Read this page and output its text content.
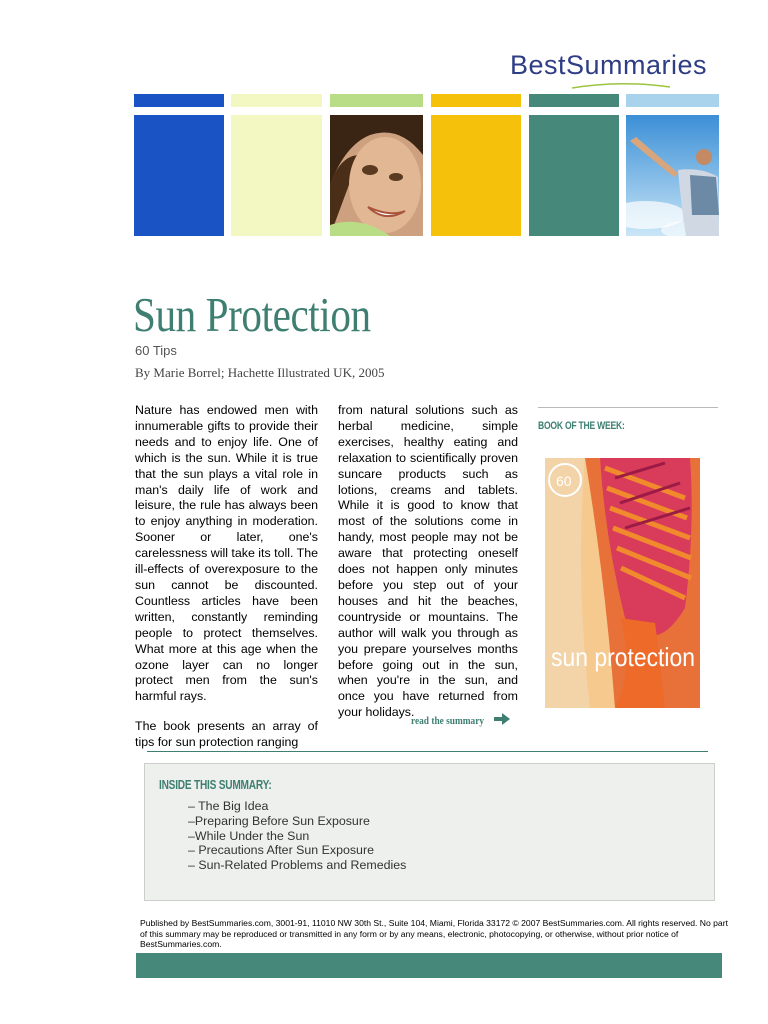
BestSummaries
Sun Protection
60 Tips
By Marie Borrel; Hachette Illustrated UK, 2005

Nature has endowed men with innumerable gifts to provide their needs and to enjoy life. One of which is the sun. While it is true that the sun plays a vital role in man's daily life of work and leisure, the rule has always been to enjoy anything in moderation. Sooner or later, one's carelessness will take its toll. The ill-effects of overexposure to the sun cannot be discounted. Countless articles have been written, constantly reminding people to protect themselves. What more at this age when the ozone layer can no longer protect men from the sun's harmful rays.

The book presents an array of tips for sun protection ranging

from natural solutions such as herbal medicine, simple exercises, healthy eating and relaxation to scientifically proven suncare products such as lotions, creams and tablets. While it is good to know that most of the solutions come in handy, most people may not be aware that protecting oneself does not happen only minutes before you step out of your houses and hit the beaches, countryside or mountains. The author will walk you through as you prepare yourselves months before going out in the sun, when you're in the sun, and once you have returned from your holidays.

BOOK OF THE WEEK:
60
sun protection
read the summary
INSIDE THIS SUMMARY:
– The Big Idea
–Preparing Before Sun Exposure
–While Under the Sun
– Precautions After Sun Exposure
– Sun-Related Problems and Remedies
Published by BestSummaries.com, 3001-91, 11010 NW 30th St., Suite 104, Miami, Florida 33172 © 2007 BestSummaries.com. All rights reserved. No part of this summary may be reproduced or transmitted in any form or by any means, electronic, photocopying, or otherwise, without prior notice of BestSummaries.com.
